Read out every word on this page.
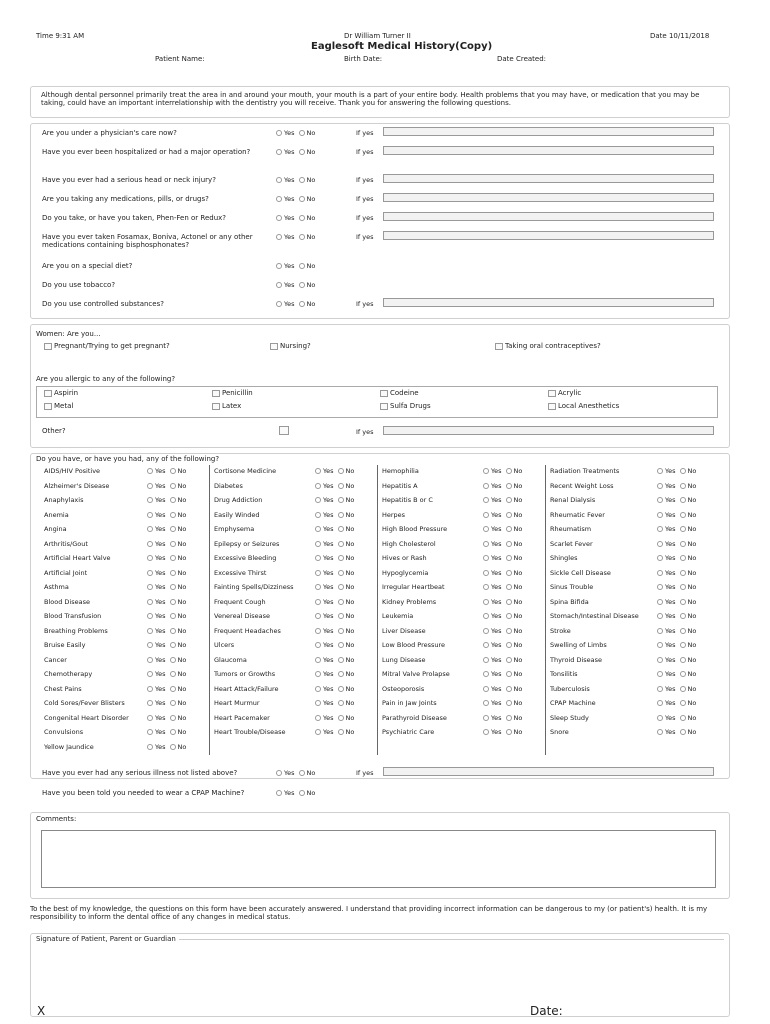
Time 9:31 AM	Dr William Turner II	Date 10/11/2018
Eaglesoft Medical History(Copy)
Patient Name:	Birth Date:	Date Created:
Although dental personnel primarily treat the area in and around your mouth, your mouth is a part of your entire body. Health problems that you may have, or medication that you may be taking, could have an important interrelationship with the dentistry you will receive. Thank you for answering the following questions.
Are you under a physician's care now?	Yes	No	If yes
Have you ever been hospitalized or had a major operation?	Yes	No	If yes
Have you ever had a serious head or neck injury?	Yes	No	If yes
Are you taking any medications, pills, or drugs?	Yes	No	If yes
Do you take, or have you taken, Phen-Fen or Redux?	Yes	No	If yes
Have you ever taken Fosamax, Boniva, Actonel or any other medications containing bisphosphonates?
Yes	No	If yes
Are you on a special diet?	Yes	No
Do you use tobacco?	Yes	No
Do you use controlled substances?	Yes	No	If yes
Women: Are you...
Pregnant/Trying to get pregnant?	Nursing?	Taking oral contraceptives?
Are you allergic to any of the following?
Aspirin	Penicillin	Codeine	Acrylic
Metal	Latex	Sulfa Drugs	Local Anesthetics
Other?	If yes
Do you have, or have you had, any of the following?
AIDS/HIV Positive	Yes	No
Alzheimer's Disease	Yes	No
Anaphylaxis	Yes	No
Anemia	Yes	No
Angina	Yes	No
Arthritis/Gout	Yes	No
Artificial Heart Valve	Yes	No
Artificial Joint	Yes	No
Asthma	Yes	No
Blood Disease	Yes	No
Blood Transfusion	Yes	No
Breathing Problems	Yes	No
Bruise Easily	Yes	No
Cancer	Yes	No
Chemotherapy	Yes	No
Chest Pains	Yes	No
Cold Sores/Fever Blisters	Yes	No
Congenital Heart Disorder	Yes	No
Convulsions	Yes	No
Yellow Jaundice	Yes	No
Cortisone Medicine	Yes	No
Diabetes	Yes	No
Drug Addiction	Yes	No
Easily Winded	Yes	No
Emphysema	Yes	No
Epilepsy or Seizures	Yes	No
Excessive Bleeding	Yes	No
Excessive Thirst	Yes	No
Fainting Spells/Dizziness	Yes	No
Frequent Cough	Yes	No
Venereal Disease	Yes	No
Frequent Headaches	Yes	No
Ulcers	Yes	No
Glaucoma	Yes	No
Tumors or Growths	Yes	No
Heart Attack/Failure	Yes	No
Heart Murmur	Yes	No
Heart Pacemaker	Yes	No
Heart Trouble/Disease	Yes	No
Hemophilia	Yes	No
Hepatitis A	Yes	No
Hepatitis B or C	Yes	No
Herpes	Yes	No
High Blood Pressure	Yes	No
High Cholesterol	Yes	No
Hives or Rash	Yes	No
Hypoglycemia	Yes	No
Irregular Heartbeat	Yes	No
Kidney Problems	Yes	No
Leukemia	Yes	No
Liver Disease	Yes	No
Low Blood Pressure	Yes	No
Lung Disease	Yes	No
Mitral Valve Prolapse	Yes	No
Osteoporosis	Yes	No
Pain in Jaw Joints	Yes	No
Parathyroid Disease	Yes	No
Psychiatric Care	Yes	No
Radiation Treatments	Yes	No
Recent Weight Loss	Yes	No
Renal Dialysis	Yes	No
Rheumatic Fever	Yes	No
Rheumatism	Yes	No
Scarlet Fever	Yes	No
Shingles	Yes	No
Sickle Cell Disease	Yes	No
Sinus Trouble	Yes	No
Spina Bifida	Yes	No
Stomach/Intestinal Disease	Yes	No
Stroke	Yes	No
Swelling of Limbs	Yes	No
Thyroid Disease	Yes	No
Tonsilitis	Yes	No
Tuberculosis	Yes	No
CPAP Machine	Yes	No
Sleep Study	Yes	No
Snore	Yes	No
Have you ever had any serious illness not listed above?	Yes	No	If yes
Have you been told you needed to wear a CPAP Machine?	Yes	No
Comments:
To the best of my knowledge, the questions on this form have been accurately answered. I understand that providing incorrect information can be dangerous to my (or patient's) health. It is my responsibility to inform the dental office of any changes in medical status.
Signature of Patient, Parent or Guardian
X	Date:
